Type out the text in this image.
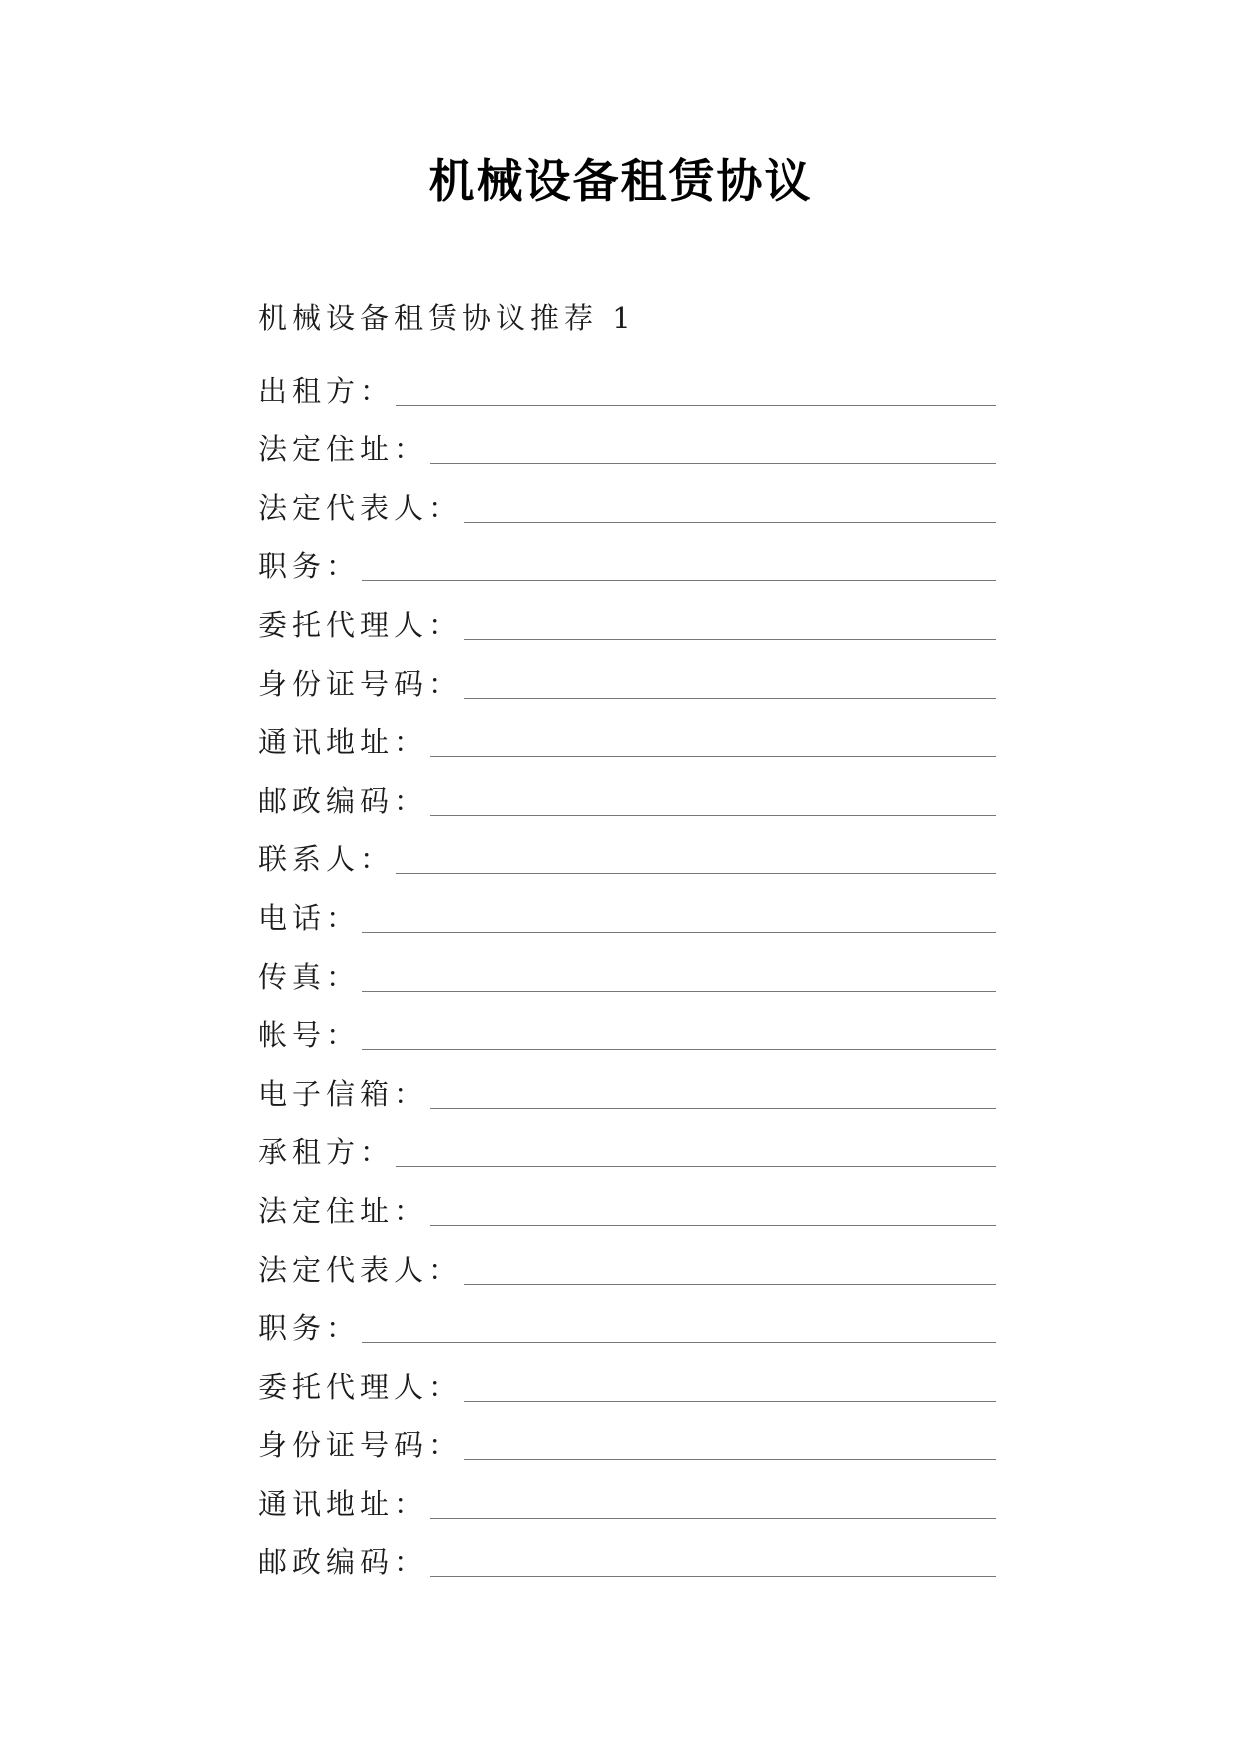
机械设备租赁协议
机械设备租赁协议推荐 1
出租方：
法定住址：
法定代表人：
职务：
委托代理人：
身份证号码：
通讯地址：
邮政编码：
联系人：
电话：
传真：
帐号：
电子信箱：
承租方：
法定住址：
法定代表人：
职务：
委托代理人：
身份证号码：
通讯地址：
邮政编码：
